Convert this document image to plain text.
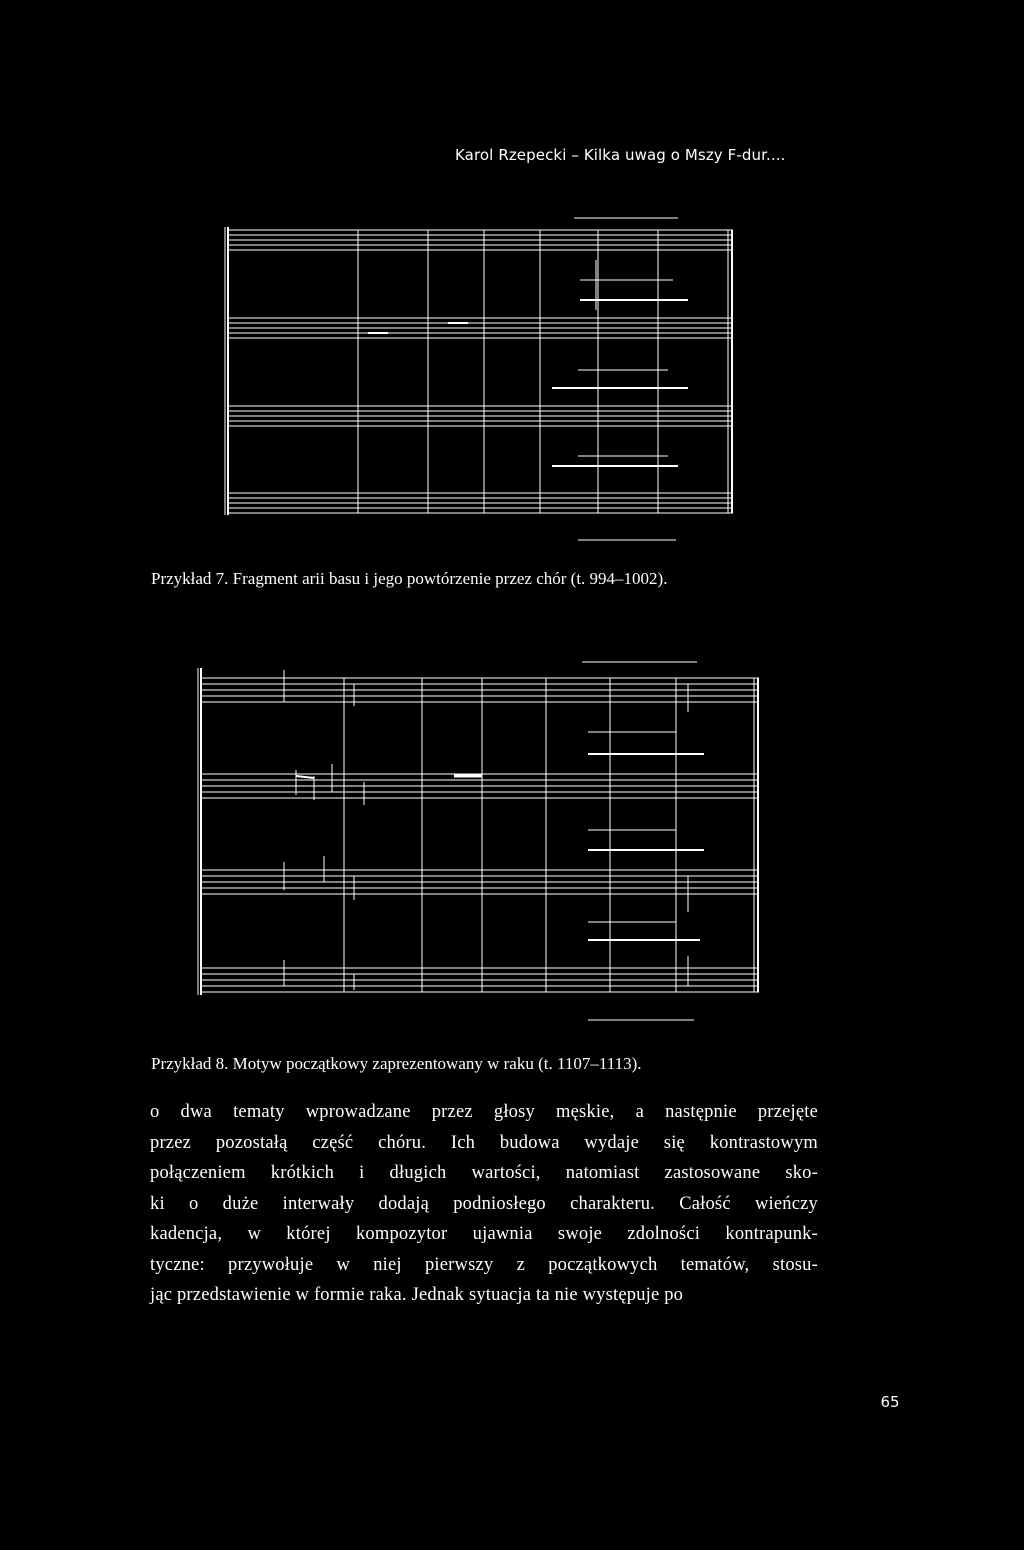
Karol Rzepecki – Kilka uwag o Mszy F-dur....
Przykład 7. Fragment arii basu i jego powtórzenie przez chór (t. 994–1002).
Przykład 8. Motyw początkowy zaprezentowany w raku (t. 1107–1113).
o dwa tematy wprowadzane przez głosy męskie, a następnie przejęte
przez pozostałą część chóru. Ich budowa wydaje się kontrastowym
połączeniem krótkich i długich wartości, natomiast zastosowane sko-
ki o duże interwały dodają podniosłego charakteru. Całość wieńczy
kadencja, w której kompozytor ujawnia swoje zdolności kontrapunk-
tyczne: przywołuje w niej pierwszy z początkowych tematów, stosu-
jąc przedstawienie w formie raka. Jednak sytuacja ta nie występuje po
65
